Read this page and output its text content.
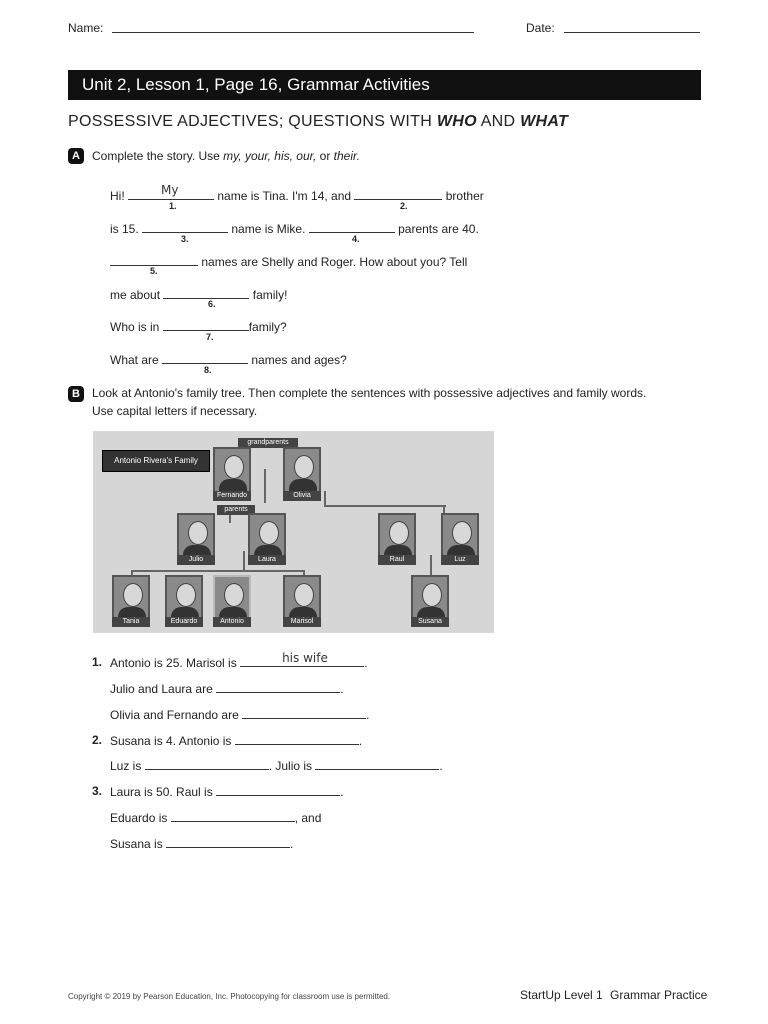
Name:	Date:
Unit 2, Lesson 1, Page 16, Grammar Activities
POSSESSIVE ADJECTIVES; QUESTIONS WITH WHO AND WHAT
A	Complete the story. Use my, your, his, our, or their.
Hi!	My	name is Tina. I'm 14, and	brother
1.	2.
is 15.	name is Mike.	parents are 40.
3.	4.
names are Shelly and Roger. How about you? Tell
5.
me about	family!
6.
Who is in	family?
7.
What are	names and ages?
8.
B	Look at Antonio's family tree. Then complete the sentences with possessive adjectives and family words.
Use capital letters if necessary.
Antonio Rivera's Family
grandparents
parents
Fernando	Olivia
Julio	Laura	Raul	Luz
Tania	Eduardo	Antonio	Marisol	Susana
1. Antonio is 25. Marisol is	his wife	.
Julio and Laura are	.
Olivia and Fernando are	.
2. Susana is 4. Antonio is	.
Luz is	. Julio is	.
3. Laura is 50. Raul is	.
Eduardo is	, and
Susana is	.
Copyright © 2019 by Pearson Education, Inc. Photocopying for classroom use is permitted.	StartUp Level 1 Grammar Practice
